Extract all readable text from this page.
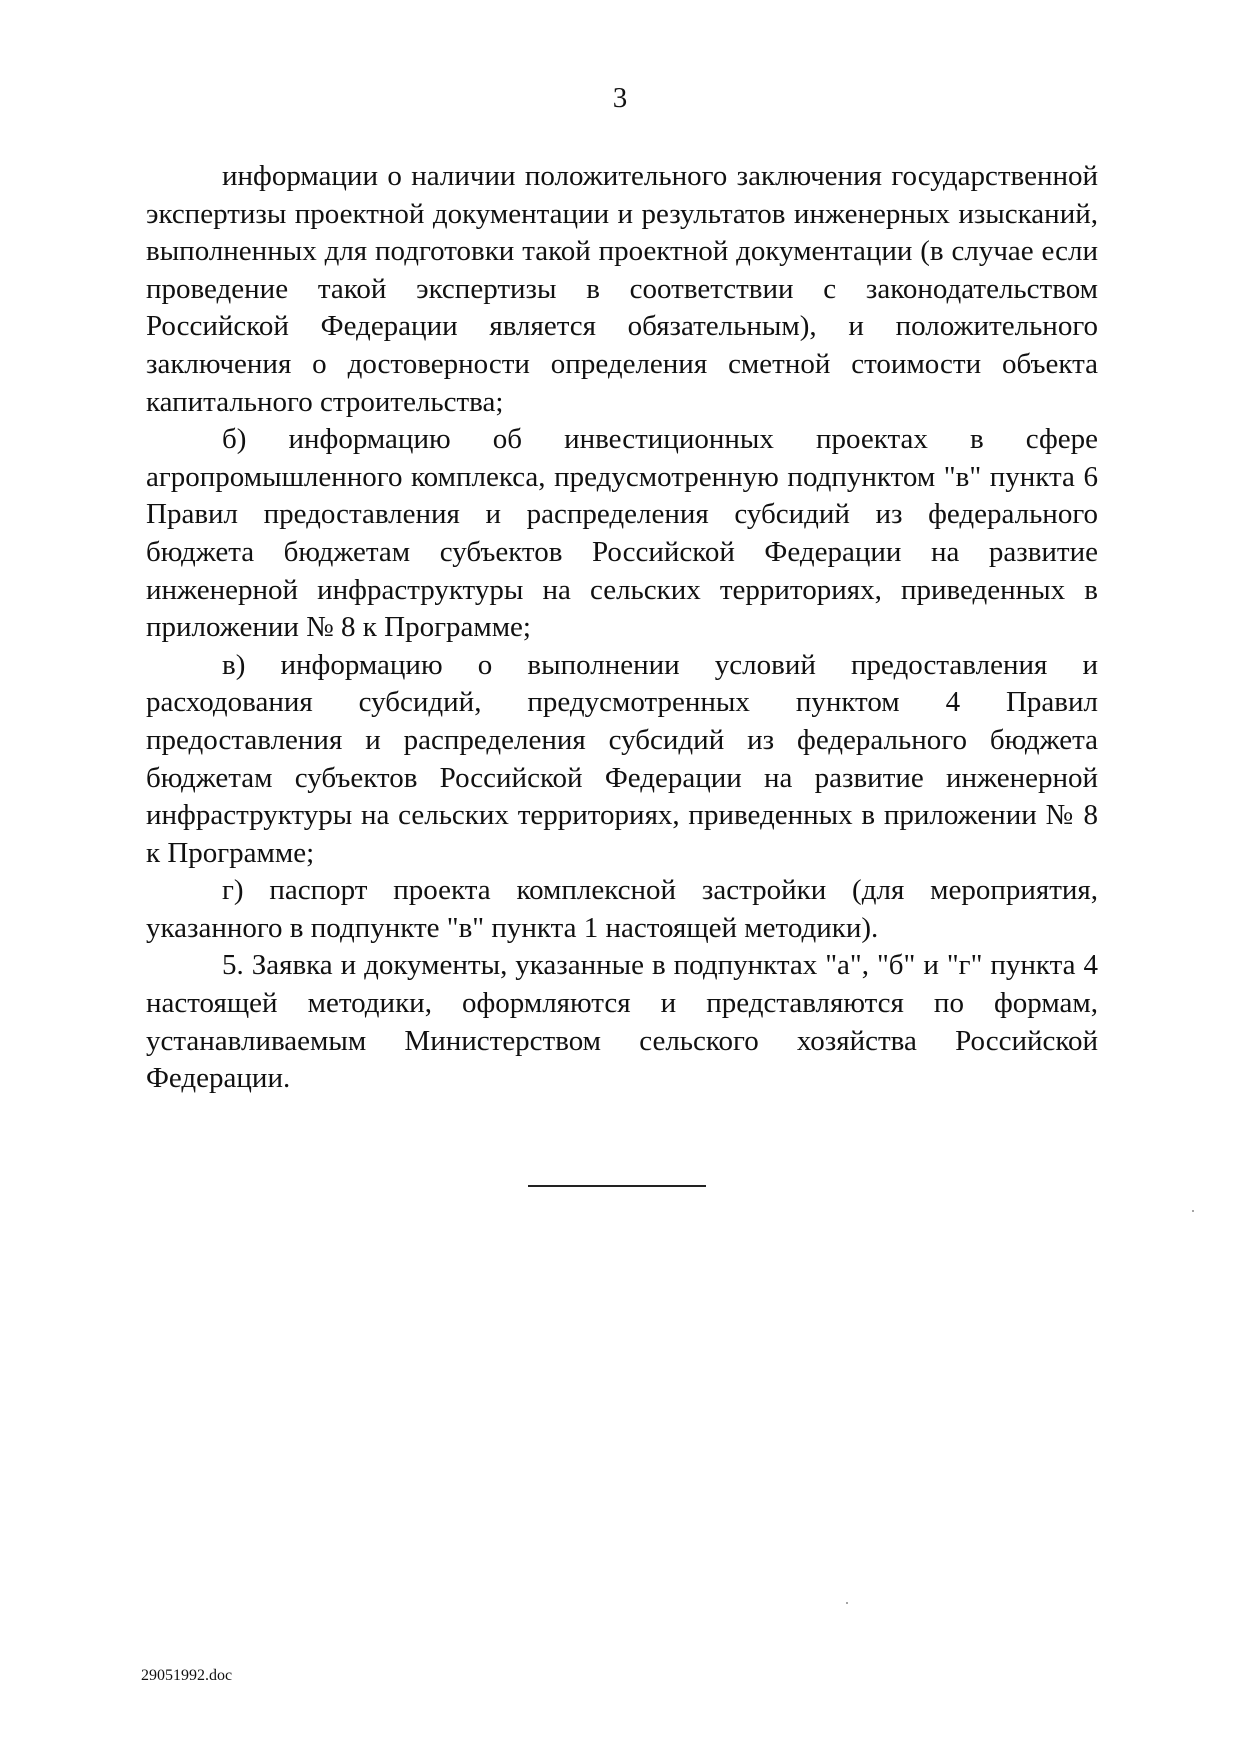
3

информации о наличии положительного заключения государственной экспертизы проектной документации и результатов инженерных изысканий, выполненных для подготовки такой проектной документации (в случае если проведение такой экспертизы в соответствии с законодательством Российской Федерации является обязательным), и положительного заключения о достоверности определения сметной стоимости объекта капитального строительства;

б) информацию об инвестиционных проектах в сфере агропромышленного комплекса, предусмотренную подпунктом "в" пункта 6 Правил предоставления и распределения субсидий из федерального бюджета бюджетам субъектов Российской Федерации на развитие инженерной инфраструктуры на сельских территориях, приведенных в приложении № 8 к Программе;

в) информацию о выполнении условий предоставления и расходования субсидий, предусмотренных пунктом 4 Правил предоставления и распределения субсидий из федерального бюджета бюджетам субъектов Российской Федерации на развитие инженерной инфраструктуры на сельских территориях, приведенных в приложении № 8 к Программе;

г) паспорт проекта комплексной застройки (для мероприятия, указанного в подпункте "в" пункта 1 настоящей методики).

5. Заявка и документы, указанные в подпунктах "а", "б" и "г" пункта 4 настоящей методики, оформляются и представляются по формам, устанавливаемым Министерством сельского хозяйства Российской Федерации.

29051992.doc
